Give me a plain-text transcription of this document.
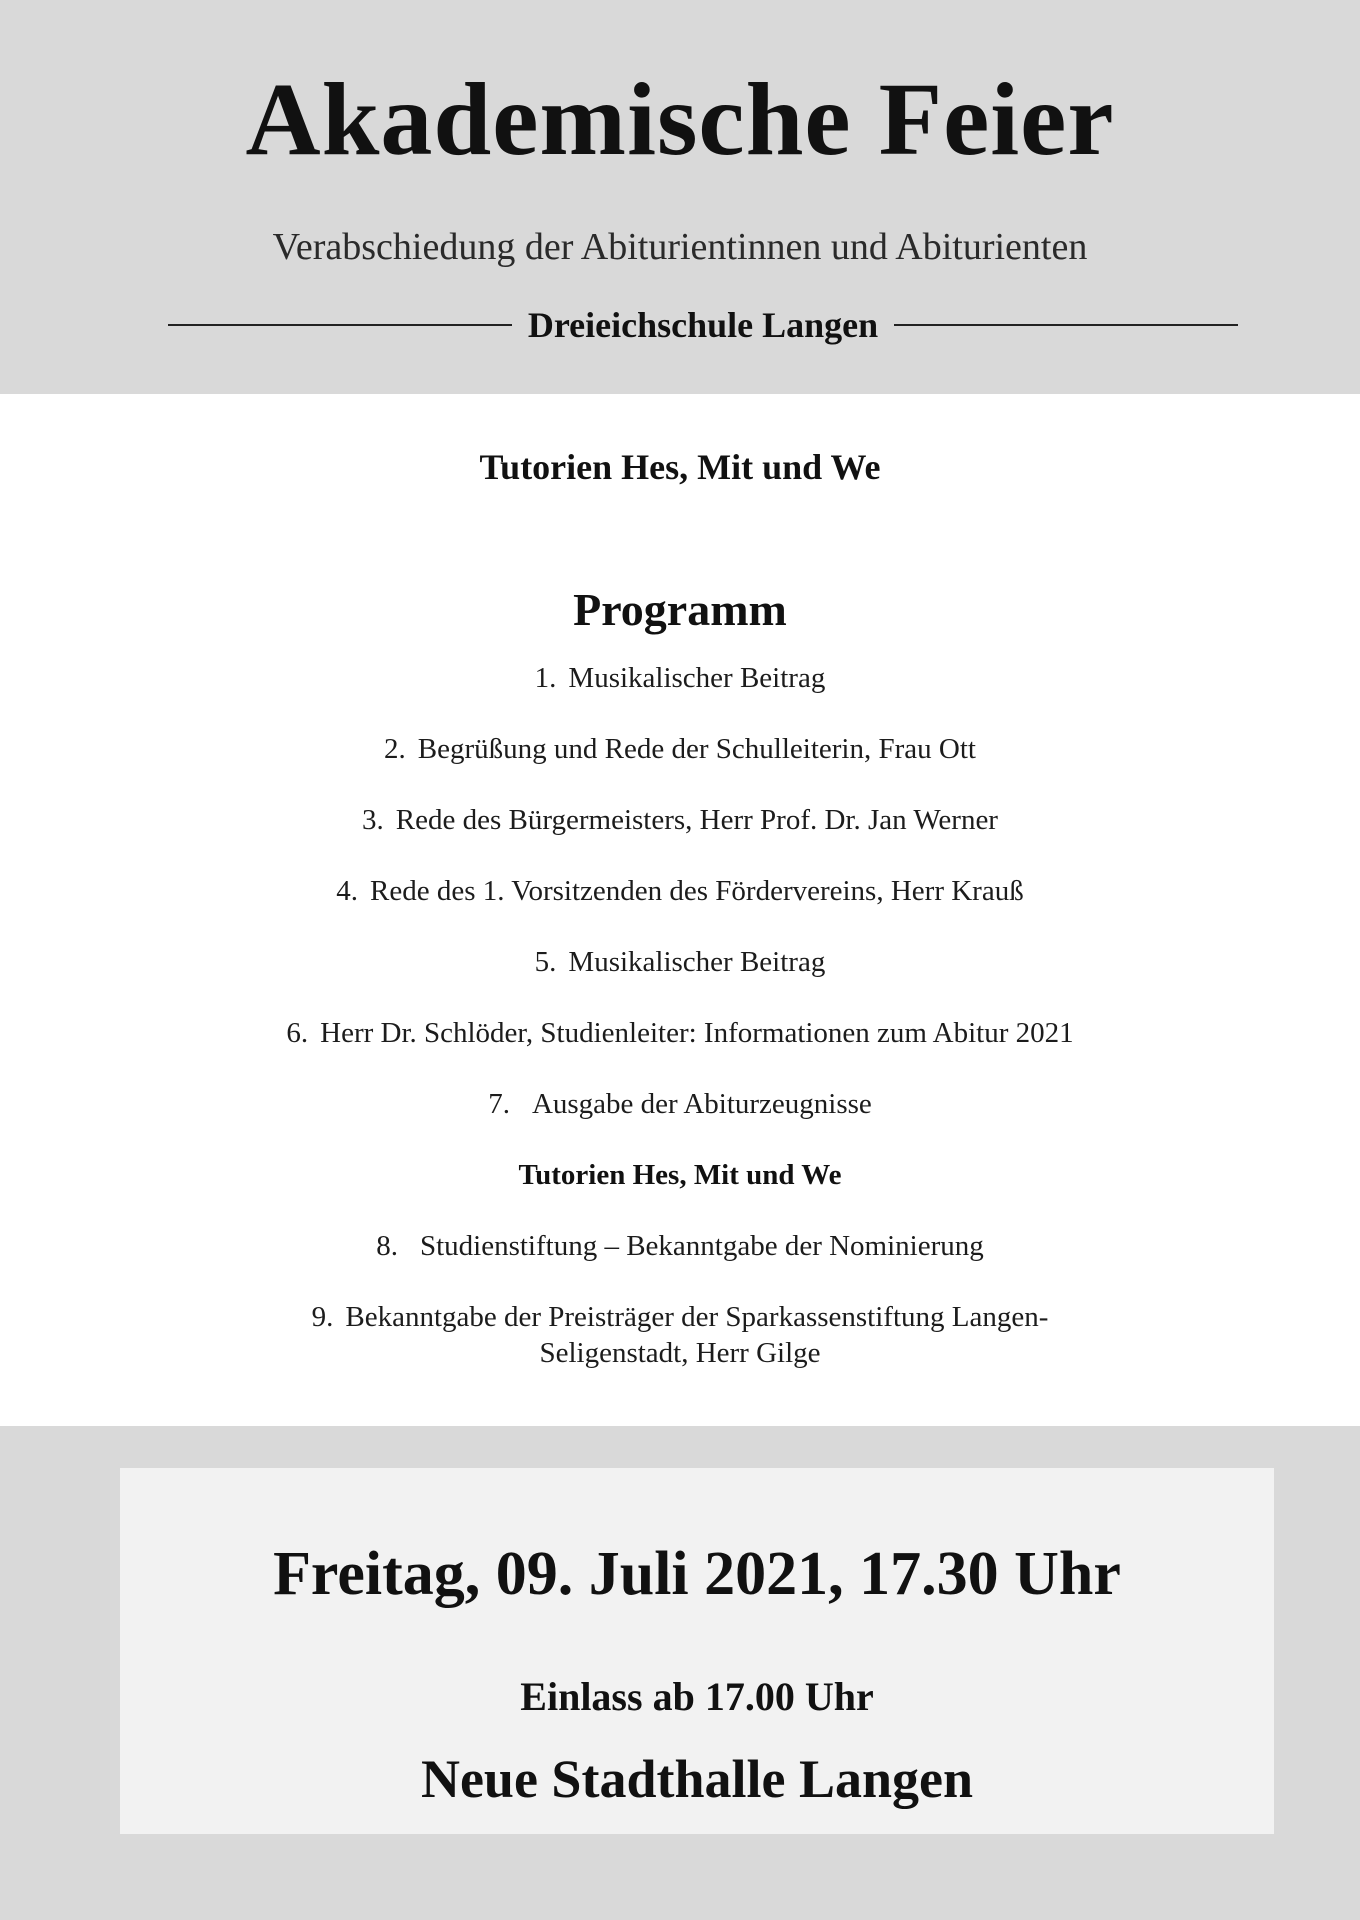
Akademische Feier
Verabschiedung der Abiturientinnen und Abiturienten
Dreieichschule Langen
Tutorien Hes, Mit und We
Programm
1. Musikalischer Beitrag
2. Begrüßung und Rede der Schulleiterin, Frau Ott
3. Rede des Bürgermeisters, Herr Prof. Dr. Jan Werner
4. Rede des 1. Vorsitzenden des Fördervereins, Herr Krauß
5. Musikalischer Beitrag
6. Herr Dr. Schlöder, Studienleiter: Informationen zum Abitur 2021
7. Ausgabe der Abiturzeugnisse
Tutorien Hes, Mit und We
8. Studienstiftung – Bekanntgabe der Nominierung
9. Bekanntgabe der Preisträger der Sparkassenstiftung Langen-
Seligenstadt, Herr Gilge
Freitag, 09. Juli 2021, 17.30 Uhr
Einlass ab 17.00 Uhr
Neue Stadthalle Langen
